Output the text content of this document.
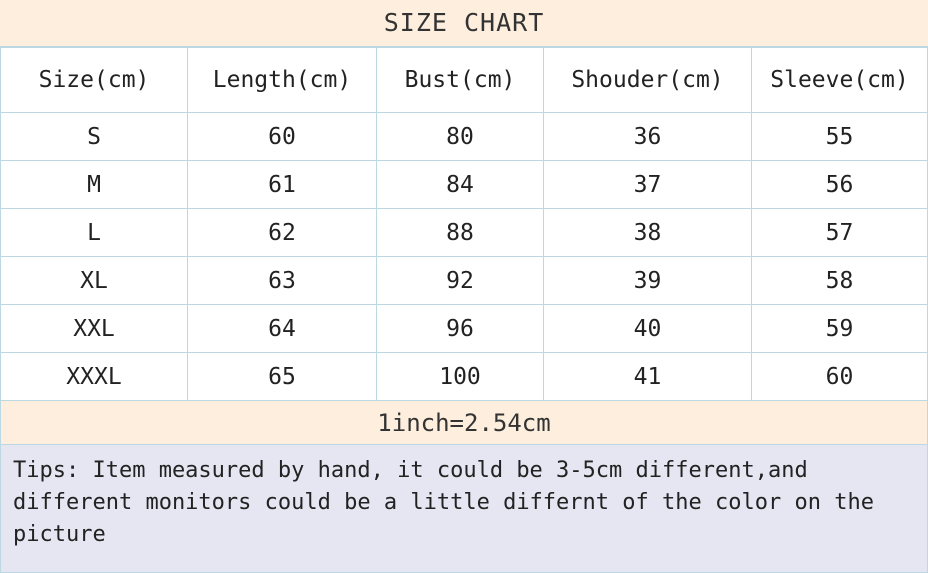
SIZE CHART
Size(cm)	Length(cm)	Bust(cm)	Shouder(cm)	Sleeve(cm)
S	60	80	36	55
M	61	84	37	56
L	62	88	38	57
XL	63	92	39	58
XXL	64	96	40	59
XXXL	65	100	41	60
1inch=2.54cm
Tips: Item measured by hand, it could be 3-5cm different,and different monitors could be a little differnt of the color on the picture
